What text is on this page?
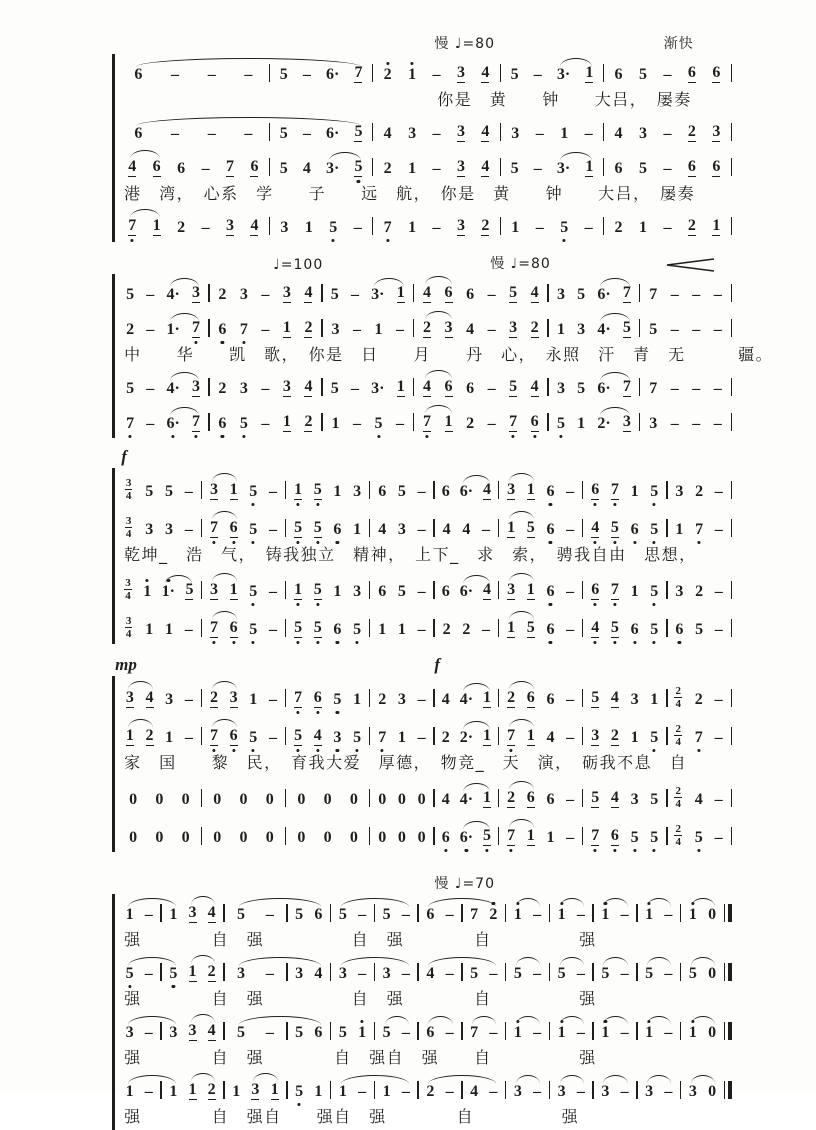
慢 ♩=80	渐快
6 – – – 5 – 6· 7 2 1 – 3 4 5 – 3· 1 6 5 – 6 6
你是　黄　　钟　　大吕，　屡奏
6 – – – 5 – 6· 5 4 3 – 3 4 3 – 1 – 4 3 – 2 3
4 6 6 – 7 6 5 4 3· 5 2 1 – 3 4 5 – 3· 1 6 5 – 6 6
港　湾，　心系　学　　子　　远　航，　你是　黄　　钟　　大吕，　屡奏
7 1 2 – 3 4 3 1 5 – 7 1 – 3 2 1 – 5 – 2 1 – 2 1
♩=100	慢 ♩=80
5 – 4· 3 2 3 – 3 4 5 – 3· 1 4 6 6 – 5 4 3 5 6· 7 7 – – –
2 – 1· 7 6 7 – 1 2 3 – 1 – 2 3 4 – 3 2 1 3 4· 5 5 – – –
中　　华　　凯　歌，　你是　日　　月　　丹　心，　永照　汗　青　无　　　疆。
5 – 4· 3 2 3 – 3 4 5 – 3· 1 4 6 6 – 5 4 3 5 6· 7 7 – – –
7 – 6· 7 6 5 – 1 2 1 – 5 – 7 1 2 – 7 6 5 1 2· 3 3 – – –
f
3
4 5 5 – 3 1 5 – 1 5 1 3 6 5 – 6 6· 4 3 1 6 – 6 7 1 5 3 2 –
3
4 3 3 – 7 6 5 – 5 5 6 1 4 3 – 4 4 – 1 5 6 – 4 5 6 5 1 7 –
乾坤_　浩　气，　铸我独立　精神，　上下_　求　索，　骋我自由　思想，
3
4 1 1· 5 3 1 5 – 1 5 1 3 6 5 – 6 6· 4 3 1 6 – 6 7 1 5 3 2 –
3
4 1 1 – 7 6 5 – 5 5 6 5 1 1 – 2 2 – 1 5 6 – 4 5 6 5 6 5 –
mp	f
3 4 3 – 2 3 1 – 7 6 5 1 2 3 – 4 4· 1 2 6 6 – 5 4 3 1 2
4 2 –
1 2 1 – 7 6 5 – 5 4 3 5 7 1 – 2 2· 1 7 1 4 – 3 2 1 5 2
4 7 –
家　国　　黎　民，　育我大爱　厚德，　物竞_　天　演，　砺我不息　自
0 0 0 0 0 0 0 0 0 0 0 0 4 4· 1 2 6 6 – 5 4 3 5 2
4 4 –
0 0 0 0 0 0 0 0 0 0 0 0 6 6· 5 7 1 1 – 7 6 5 5 2
4 5 –
慢 ♩=70
1 – 1 3 4 5 – 5 6 5 – 5 – 6 – 7 2 1 – 1 – 1 – 1 – 1 0
强　　　　自　强　　　　　自　强　　　　自　　　　　强
5 – 5 1 2 3 – 3 4 3 – 3 – 4 – 5 – 5 – 5 – 5 – 5 – 5 0
强　　　　自　强　　　　　自　强　　　　自　　　　　强
3 – 3 3 4 5 – 5 6 5 1 5 – 6 – 7 – 1 – 1 – 1 – 1 – 1 0
强　　　　自　强　　　　自　强自　强　　自　　　　　强
1 – 1 1 2 1 3 1 5 1 1 – 1 – 2 – 4 – 3 – 3 – 3 – 3 – 3 0
强　　　　自　强自　　强自　强　　　　自　　　　　强
